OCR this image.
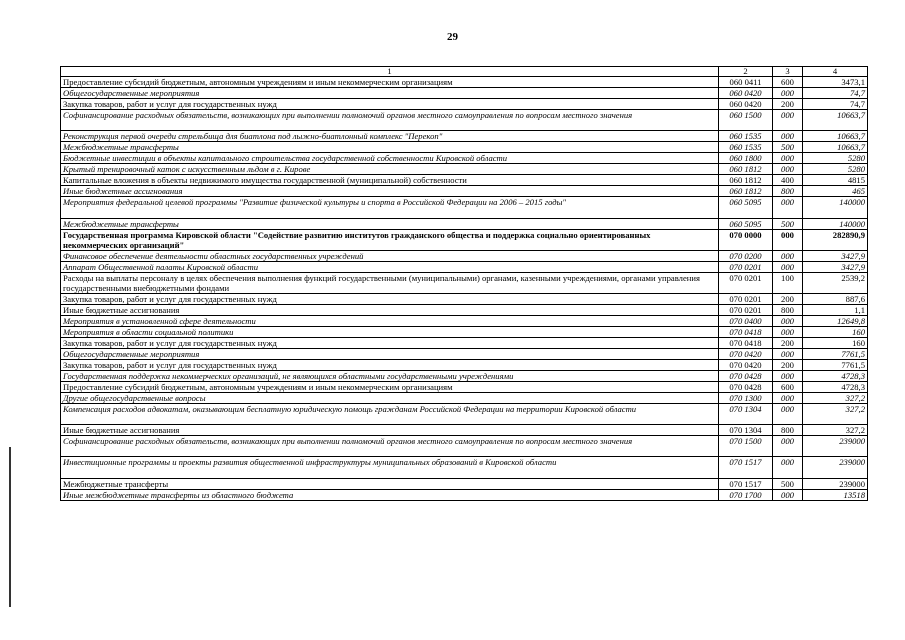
29
1	2	3	4
Предоставление субсидий бюджетным, автономным учреждениям и иным некоммерческим организациям	060 0411	600	3473,1
Общегосударственные мероприятия	060 0420	000	74,7
Закупка товаров, работ и услуг для государственных нужд	060 0420	200	74,7
Софинансирование расходных обязательств, возникающих при выполнении полномочий органов местного самоуправления по вопросам местного значения	060 1500	000	10663,7
Реконструкция первой очереди стрельбища для биатлона под лыжно-биатлонный комплекс "Перекоп"	060 1535	000	10663,7
Межбюджетные трансферты	060 1535	500	10663,7
Бюджетные инвестиции в объекты капитального строительства государственной собственности Кировской области	060 1800	000	5280
Крытый тренировочный каток с искусственным льдом в г. Кирове	060 1812	000	5280
Капитальные вложения в объекты недвижимого имущества государственной (муниципальной) собственности	060 1812	400	4815
Иные бюджетные ассигнования	060 1812	800	465
Мероприятия федеральной целевой программы "Развитие физической культуры и спорта в Российской Федерации на 2006 – 2015 годы"	060 5095	000	140000
Межбюджетные трансферты	060 5095	500	140000
Государственная программа Кировской области "Содействие развитию институтов гражданского общества и поддержка социально ориентированных некоммерческих организаций"	070 0000	000	282890,9
Финансовое обеспечение деятельности областных государственных учреждений	070 0200	000	3427,9
Аппарат Общественной палаты Кировской области	070 0201	000	3427,9
Расходы на выплаты персоналу в целях обеспечения выполнения функций государственными (муниципальными) органами, казенными учреждениями, органами управления государственными внебюджетными фондами	070 0201	100	2539,2
Закупка товаров, работ и услуг для государственных нужд	070 0201	200	887,6
Иные бюджетные ассигнования	070 0201	800	1,1
Мероприятия в установленной сфере деятельности	070 0400	000	12649,8
Мероприятия в области социальной политики	070 0418	000	160
Закупка товаров, работ и услуг для государственных нужд	070 0418	200	160
Общегосударственные мероприятия	070 0420	000	7761,5
Закупка товаров, работ и услуг для государственных нужд	070 0420	200	7761,5
Государственная поддержка некоммерческих организаций, не являющихся областными государственными учреждениями	070 0428	000	4728,3
Предоставление субсидий бюджетным, автономным учреждениям и иным некоммерческим организациям	070 0428	600	4728,3
Другие общегосударственные вопросы	070 1300	000	327,2
Компенсация расходов адвокатам, оказывающим бесплатную юридическую помощь гражданам Российской Федерации на территории Кировской области	070 1304	000	327,2
Иные бюджетные ассигнования	070 1304	800	327,2
Софинансирование расходных обязательств, возникающих при выполнении полномочий органов местного самоуправления по вопросам местного значения	070 1500	000	239000
Инвестиционные программы и проекты развития общественной инфраструктуры муниципальных образований в Кировской области	070 1517	000	239000
Межбюджетные трансферты	070 1517	500	239000
Иные межбюджетные трансферты из областного бюджета	070 1700	000	13518
